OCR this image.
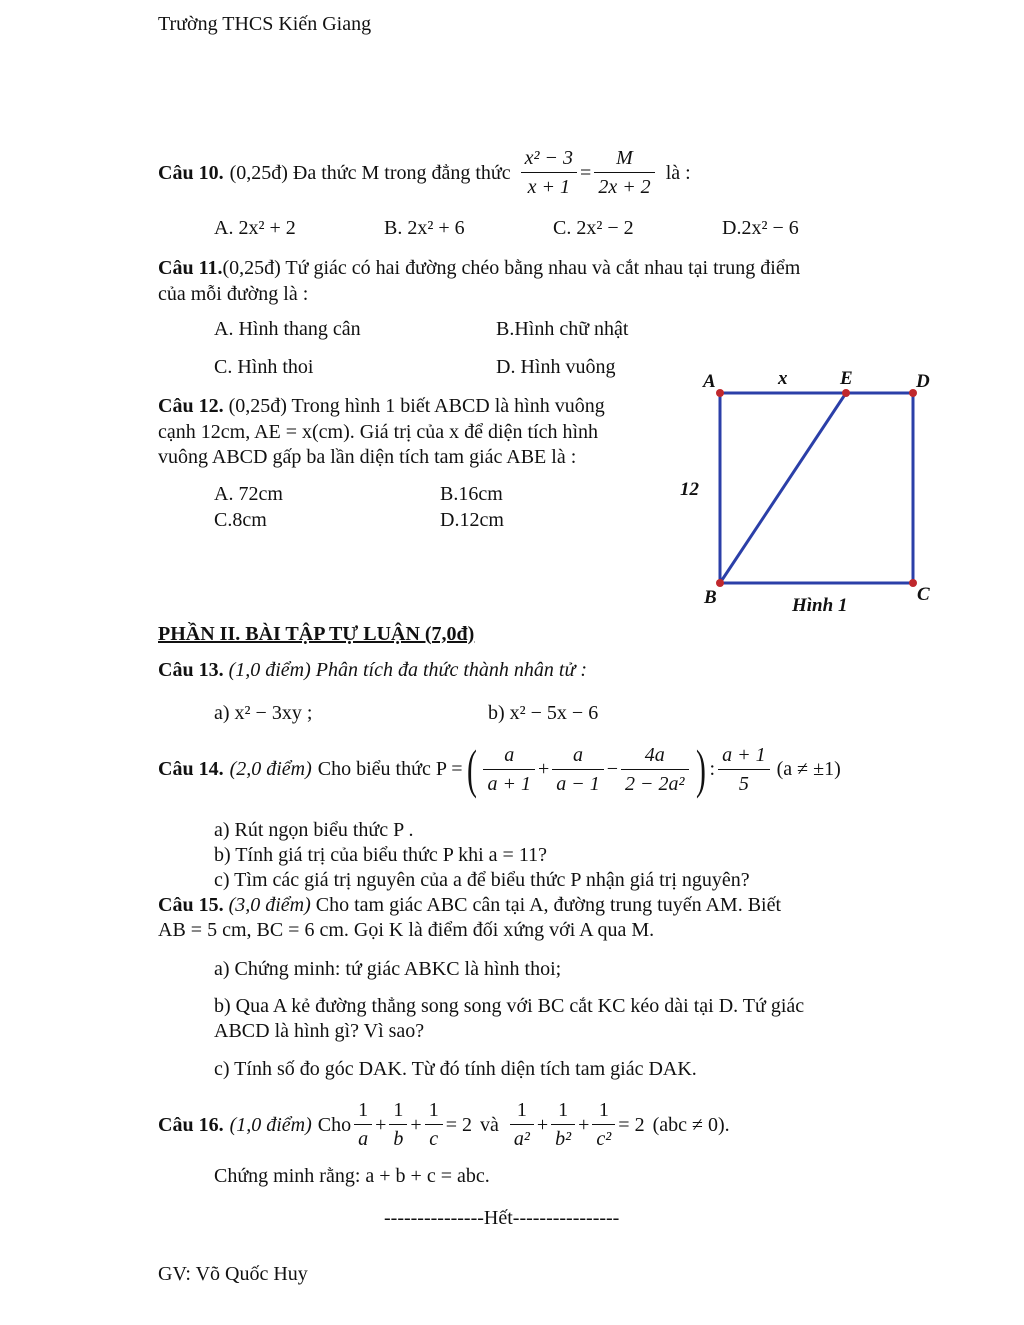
Trường THCS Kiến Giang
Câu 10. (0,25đ) Đa thức M trong đẳng thức $\frac{\text{x² − 3}}{x + 1} = \frac{M}{2x + 2}$ là :
A. 2x² + 2	B. 2x² + 6	C. 2x² − 2	D.2x² − 6
Câu 11.(0,25đ) Tứ giác có hai đường chéo bằng nhau và cắt nhau tại trung điểm
của mỗi đường là :
A. Hình thang cân	B.Hình chữ nhật
C. Hình thoi	D. Hình vuông
Câu 12. (0,25đ) Trong hình 1 biết ABCD là hình vuông
cạnh 12cm, AE = x(cm). Giá trị của x để diện tích hình
vuông ABCD gấp ba lần diện tích tam giác ABE là :
A. 72cm	B.16cm
C.8cm	D.12cm
A	x	E	D
12
B	Hình 1
C
PHẦN II. BÀI TẬP TỰ LUẬN (7,0đ)
Câu 13. (1,0 điểm) Phân tích đa thức thành nhân tử :
a) x² − 3xy ;	b) x² − 5x − 6
Câu 14. (2,0 điểm) Cho biểu thức P = ( $\frac{a}{a + 1} + \frac{a}{a - 1} - \frac{4a}{\text{2 − 2a²}}$ ) : $\frac{a + 1}{5} (a \ne \pm 1)$
a) Rút ngọn biểu thức P .
b) Tính giá trị của biểu thức P khi a = 11?
c) Tìm các giá trị nguyên của a để biểu thức P nhận giá trị nguyên?
Câu 15. (3,0 điểm) Cho tam giác ABC cân tại A, đường trung tuyến AM. Biết
AB = 5 cm, BC = 6 cm. Gọi K là điểm đối xứng với A qua M.
a) Chứng minh: tứ giác ABKC là hình thoi;
b) Qua A kẻ đường thẳng song song với BC cắt KC kéo dài tại D. Tứ giác
ABCD là hình gì? Vì sao?
c) Tính số đo góc DAK. Từ đó tính diện tích tam giác DAK.
Câu 16. (1,0 điểm) Cho $\frac{1}{a} + \frac{1}{b} + \frac{1}{c} = 2$ và $\frac{1}{\text{a²}} + \frac{1}{\text{b²}} + \frac{1}{\text{c²}} = 2$ (abc ≠ 0).
Chứng minh rằng: a + b + c = abc.
---------------Hết----------------
GV: Võ Quốc Huy
